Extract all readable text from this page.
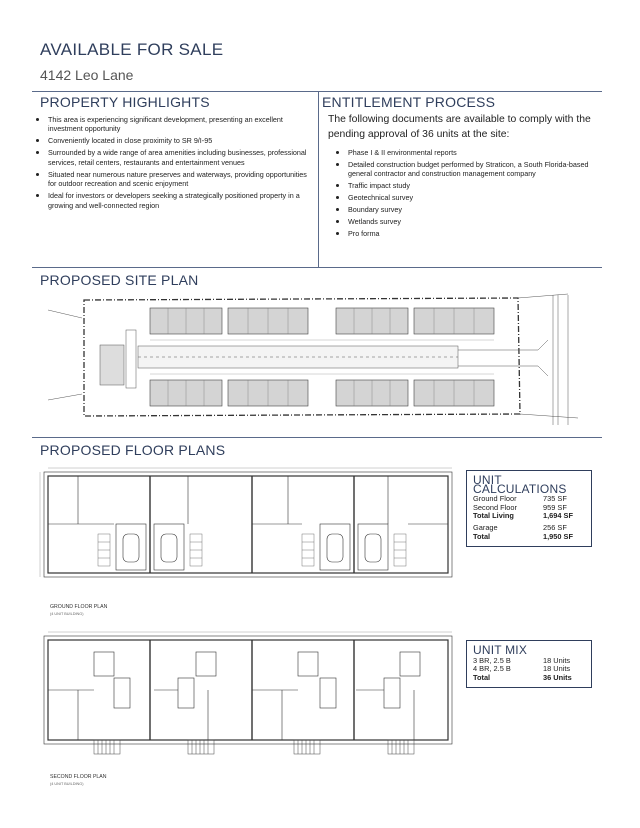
AVAILABLE FOR SALE
4142 Leo Lane
PROPERTY HIGHLIGHTS
This area is experiencing significant development, presenting an excellent investment opportunity
Conveniently located in close proximity to SR 9/I-95
Surrounded by a wide range of area amenities including businesses, professional services, retail centers, restaurants and entertainment venues
Situated near numerous nature preserves and waterways, providing opportunities for outdoor recreation and scenic enjoyment
Ideal for investors or developers seeking a strategically positioned property in a growing and well-connected region
ENTITLEMENT PROCESS
The following documents are available to comply with the pending approval of 36 units at the site:
Phase I & II environmental reports
Detailed construction budget performed by Straticon, a South Florida-based general contractor and construction management company
Traffic impact study
Geotechnical survey
Boundary survey
Wetlands survey
Pro forma
PROPOSED SITE PLAN
PROPOSED FLOOR PLANS
GROUND FLOOR PLAN
(4 UNIT BUILDING)
SECOND FLOOR PLAN
(4 UNIT BUILDING)
UNIT CALCULATIONS
Ground Floor	735 SF
Second Floor	959 SF
Total Living	1,694 SF
Garage	256 SF
Total	1,950 SF
UNIT MIX
3 BR, 2.5 B	18 Units
4 BR, 2.5 B	18 Units
Total	36 Units
